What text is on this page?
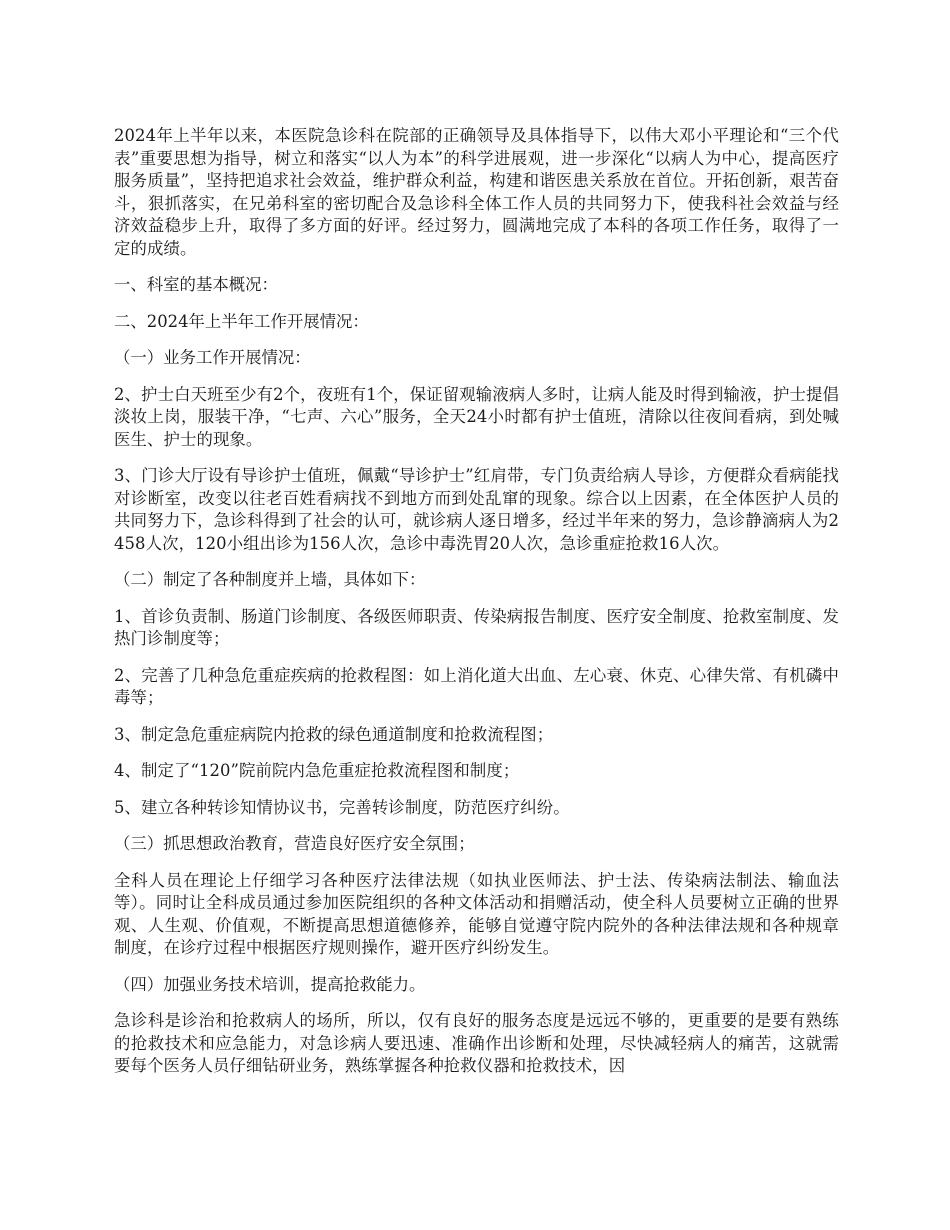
2024年上半年以来，本医院急诊科在院部的正确领导及具体指导下，以伟大邓小平理论和“三个代表”重要思想为指导，树立和落实“以人为本”的科学进展观，进一步深化“以病人为中心，提高医疗服务质量”，坚持把追求社会效益，维护群众利益，构建和谐医患关系放在首位。开拓创新，艰苦奋斗，狠抓落实，在兄弟科室的密切配合及急诊科全体工作人员的共同努力下，使我科社会效益与经济效益稳步上升，取得了多方面的好评。经过努力，圆满地完成了本科的各项工作任务，取得了一定的成绩。

一、科室的基本概况：

二、2024年上半年工作开展情况：

（一）业务工作开展情况：

2、护士白天班至少有2个，夜班有1个，保证留观输液病人多时，让病人能及时得到输液，护士提倡淡妆上岗，服装干净，“七声、六心”服务，全天24小时都有护士值班，清除以往夜间看病，到处喊医生、护士的现象。

3、门诊大厅设有导诊护士值班，佩戴“导诊护士”红肩带，专门负责给病人导诊，方便群众看病能找对诊断室，改变以往老百姓看病找不到地方而到处乱窜的现象。综合以上因素，在全体医护人员的共同努力下，急诊科得到了社会的认可，就诊病人逐日增多，经过半年来的努力，急诊静滴病人为2458人次，120小组出诊为156人次，急诊中毒洗胃20人次，急诊重症抢救16人次。

（二）制定了各种制度并上墙，具体如下：

1、首诊负责制、肠道门诊制度、各级医师职责、传染病报告制度、医疗安全制度、抢救室制度、发热门诊制度等；

2、完善了几种急危重症疾病的抢救程图：如上消化道大出血、左心衰、休克、心律失常、有机磷中毒等；

3、制定急危重症病院内抢救的绿色通道制度和抢救流程图；

4、制定了“120”院前院内急危重症抢救流程图和制度；

5、建立各种转诊知情协议书，完善转诊制度，防范医疗纠纷。

（三）抓思想政治教育，营造良好医疗安全氛围；

全科人员在理论上仔细学习各种医疗法律法规（如执业医师法、护士法、传染病法制法、输血法等）。同时让全科成员通过参加医院组织的各种文体活动和捐赠活动，使全科人员要树立正确的世界观、人生观、价值观，不断提高思想道德修养，能够自觉遵守院内院外的各种法律法规和各种规章制度，在诊疗过程中根据医疗规则操作，避开医疗纠纷发生。

（四）加强业务技术培训，提高抢救能力。

急诊科是诊治和抢救病人的场所，所以，仅有良好的服务态度是远远不够的，更重要的是要有熟练的抢救技术和应急能力，对急诊病人要迅速、准确作出诊断和处理，尽快减轻病人的痛苦，这就需要每个医务人员仔细钻研业务，熟练掌握各种抢救仪器和抢救技术，因
